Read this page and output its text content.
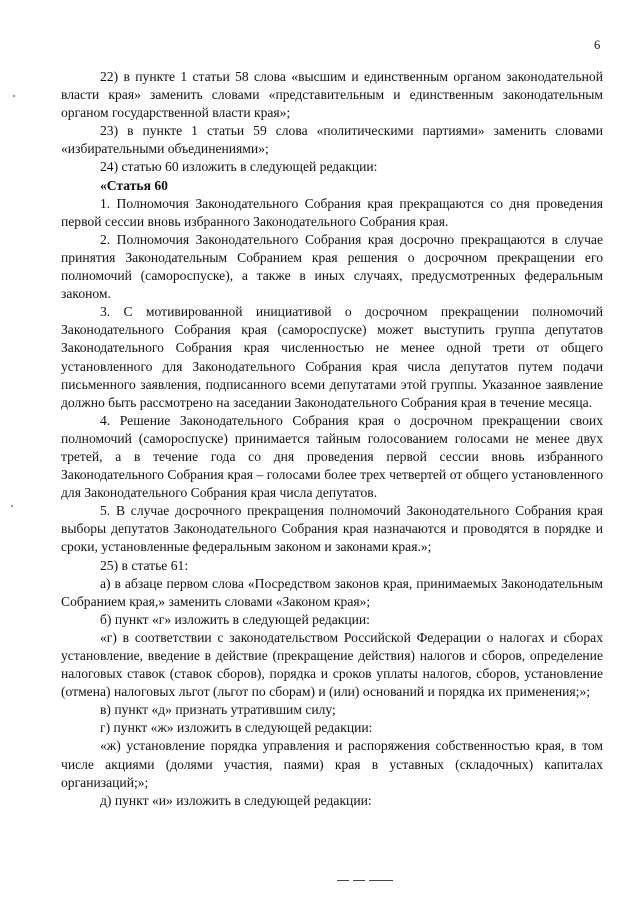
6

22) в пункте 1 статьи 58 слова «высшим и единственным органом законодательной власти края» заменить словами «представительным и единственным законодательным органом государственной власти края»;

23) в пункте 1 статьи 59 слова «политическими партиями» заменить словами «избирательными объединениями»;

24) статью 60 изложить в следующей редакции:

«Статья 60

1. Полномочия Законодательного Собрания края прекращаются со дня проведения первой сессии вновь избранного Законодательного Собрания края.

2. Полномочия Законодательного Собрания края досрочно прекращаются в случае принятия Законодательным Собранием края решения о досрочном прекращении его полномочий (самороспуске), а также в иных случаях, предусмотренных федеральным законом.

3. С мотивированной инициативой о досрочном прекращении полномочий Законодательного Собрания края (самороспуске) может выступить группа депутатов Законодательного Собрания края численностью не менее одной трети от общего установленного для Законодательного Собрания края числа депутатов путем подачи письменного заявления, подписанного всеми депутатами этой группы. Указанное заявление должно быть рассмотрено на заседании Законодательного Собрания края в течение месяца.

4. Решение Законодательного Собрания края о досрочном прекращении своих полномочий (самороспуске) принимается тайным голосованием голосами не менее двух третей, а в течение года со дня проведения первой сессии вновь избранного Законодательного Собрания края – голосами более трех четвертей от общего установленного для Законодательного Собрания края числа депутатов.

5. В случае досрочного прекращения полномочий Законодательного Собрания края выборы депутатов Законодательного Собрания края назначаются и проводятся в порядке и сроки, установленные федеральным законом и законами края.»;

25) в статье 61:

а) в абзаце первом слова «Посредством законов края, принимаемых Законодательным Собранием края,» заменить словами «Законом края»;

б) пункт «г» изложить в следующей редакции:

«г) в соответствии с законодательством Российской Федерации о налогах и сборах установление, введение в действие (прекращение действия) налогов и сборов, определение налоговых ставок (ставок сборов), порядка и сроков уплаты налогов, сборов, установление (отмена) налоговых льгот (льгот по сборам) и (или) оснований и порядка их применения;»;

в) пункт «д» признать утратившим силу;

г) пункт «ж» изложить в следующей редакции:

«ж) установление порядка управления и распоряжения собственностью края, в том числе акциями (долями участия, паями) края в уставных (складочных) капиталах организаций;»;

д) пункт «и» изложить в следующей редакции:
